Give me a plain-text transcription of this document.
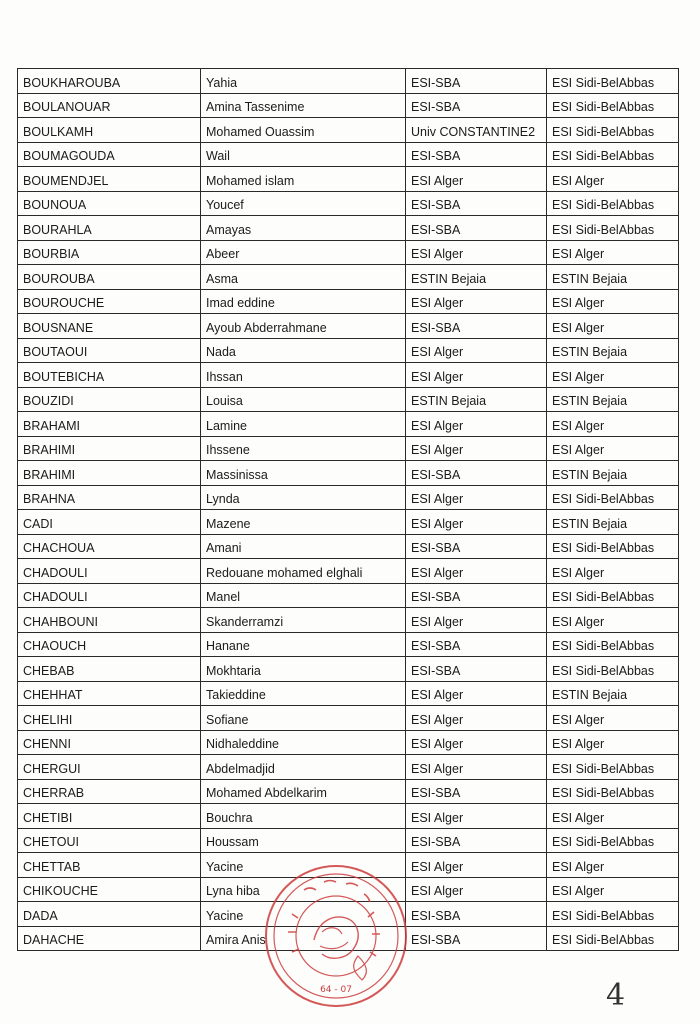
BOUKHAROUBA	Yahia	ESI-SBA	ESI Sidi-BelAbbas
BOULANOUAR	Amina Tassenime	ESI-SBA	ESI Sidi-BelAbbas
BOULKAMH	Mohamed Ouassim	Univ CONSTANTINE2	ESI Sidi-BelAbbas
BOUMAGOUDA	Wail	ESI-SBA	ESI Sidi-BelAbbas
BOUMENDJEL	Mohamed islam	ESI Alger	ESI Alger
BOUNOUA	Youcef	ESI-SBA	ESI Sidi-BelAbbas
BOURAHLA	Amayas	ESI-SBA	ESI Sidi-BelAbbas
BOURBIA	Abeer	ESI Alger	ESI Alger
BOUROUBA	Asma	ESTIN Bejaia	ESTIN Bejaia
BOUROUCHE	Imad eddine	ESI Alger	ESI Alger
BOUSNANE	Ayoub Abderrahmane	ESI-SBA	ESI Alger
BOUTAOUI	Nada	ESI Alger	ESTIN Bejaia
BOUTEBICHA	Ihssan	ESI Alger	ESI Alger
BOUZIDI	Louisa	ESTIN Bejaia	ESTIN Bejaia
BRAHAMI	Lamine	ESI Alger	ESI Alger
BRAHIMI	Ihssene	ESI Alger	ESI Alger
BRAHIMI	Massinissa	ESI-SBA	ESTIN Bejaia
BRAHNA	Lynda	ESI Alger	ESI Sidi-BelAbbas
CADI	Mazene	ESI Alger	ESTIN Bejaia
CHACHOUA	Amani	ESI-SBA	ESI Sidi-BelAbbas
CHADOULI	Redouane mohamed elghali	ESI Alger	ESI Alger
CHADOULI	Manel	ESI-SBA	ESI Sidi-BelAbbas
CHAHBOUNI	Skanderramzi	ESI Alger	ESI Alger
CHAOUCH	Hanane	ESI-SBA	ESI Sidi-BelAbbas
CHEBAB	Mokhtaria	ESI-SBA	ESI Sidi-BelAbbas
CHEHHAT	Takieddine	ESI Alger	ESTIN Bejaia
CHELIHI	Sofiane	ESI Alger	ESI Alger
CHENNI	Nidhaleddine	ESI Alger	ESI Alger
CHERGUI	Abdelmadjid	ESI Alger	ESI Sidi-BelAbbas
CHERRAB	Mohamed Abdelkarim	ESI-SBA	ESI Sidi-BelAbbas
CHETIBI	Bouchra	ESI Alger	ESI Alger
CHETOUI	Houssam	ESI-SBA	ESI Sidi-BelAbbas
CHETTAB	Yacine	ESI Alger	ESI Alger
CHIKOUCHE	Lyna hiba	ESI Alger	ESI Alger
DADA	Yacine	ESI-SBA	ESI Sidi-BelAbbas
DAHACHE	Amira Anis	ESI-SBA	ESI Sidi-BelAbbas
64 - 07	4
